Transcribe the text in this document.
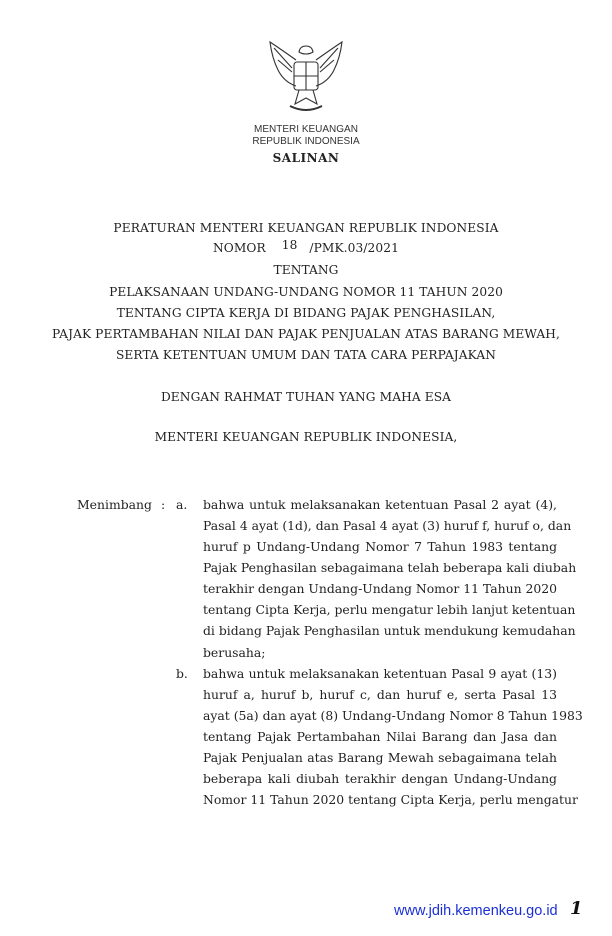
MENTERI KEUANGAN
REPUBLIK INDONESIA
SALINAN
PERATURAN MENTERI KEUANGAN REPUBLIK INDONESIA
NOMOR 18 /PMK.03/2021
TENTANG
PELAKSANAAN UNDANG-UNDANG NOMOR 11 TAHUN 2020
TENTANG CIPTA KERJA DI BIDANG PAJAK PENGHASILAN,
PAJAK PERTAMBAHAN NILAI DAN PAJAK PENJUALAN ATAS BARANG MEWAH,
SERTA KETENTUAN UMUM DAN TATA CARA PERPAJAKAN
DENGAN RAHMAT TUHAN YANG MAHA ESA
MENTERI KEUANGAN REPUBLIK INDONESIA,
Menimbang : a.
b.
bahwa untuk melaksanakan ketentuan Pasal 2 ayat (4),
Pasal 4 ayat (1d), dan Pasal 4 ayat (3) huruf f, huruf o, dan
huruf p Undang-Undang Nomor 7 Tahun 1983 tentang
Pajak Penghasilan sebagaimana telah beberapa kali diubah
terakhir dengan Undang-Undang Nomor 11 Tahun 2020
tentang Cipta Kerja, perlu mengatur lebih lanjut ketentuan
di bidang Pajak Penghasilan untuk mendukung kemudahan
berusaha;
bahwa untuk melaksanakan ketentuan Pasal 9 ayat (13)
huruf a, huruf b, huruf c, dan huruf e, serta Pasal 13
ayat (5a) dan ayat (8) Undang-Undang Nomor 8 Tahun 1983
tentang Pajak Pertambahan Nilai Barang dan Jasa dan
Pajak Penjualan atas Barang Mewah sebagaimana telah
beberapa kali diubah terakhir dengan Undang-Undang
Nomor 11 Tahun 2020 tentang Cipta Kerja, perlu mengatur
www.jdih.kemenkeu.go.id 1
